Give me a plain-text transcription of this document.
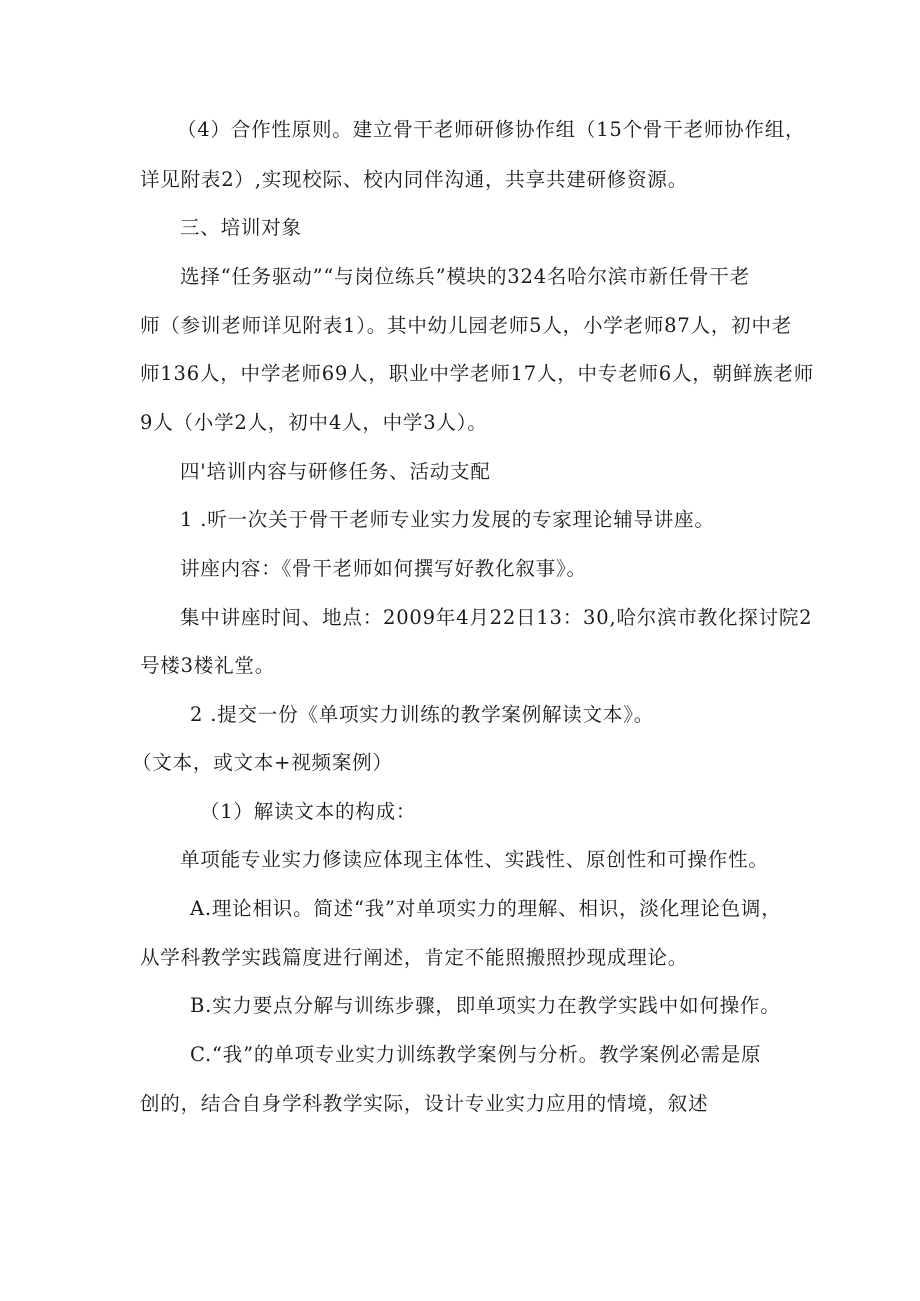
（4）合作性原则。建立骨干老师研修协作组（15个骨干老师协作组，
详见附表2）,实现校际、校内同伴沟通，共享共建研修资源。
三、培训对象
选择“任务驱动”“与岗位练兵”模块的324名哈尔滨市新任骨干老
师（参训老师详见附表1）。其中幼儿园老师5人，小学老师87人，初中老
师136人，中学老师69人，职业中学老师17人，中专老师6人，朝鲜族老师
9人（小学2人，初中4人，中学3人）。
四'培训内容与研修任务、活动支配
1 .听一次关于骨干老师专业实力发展的专家理论辅导讲座。
讲座内容：《骨干老师如何撰写好教化叙事》。
集中讲座时间、地点：2009年4月22日13：30,哈尔滨市教化探讨院2
号楼3楼礼堂。
2 .提交一份《单项实力训练的教学案例解读文本》。
（文本，或文本+视频案例）
（1）解读文本的构成：
单项能专业实力修读应体现主体性、实践性、原创性和可操作性。
A.理论相识。简述“我”对单项实力的理解、相识，淡化理论色调，
从学科教学实践篇度进行阐述，肯定不能照搬照抄现成理论。
B.实力要点分解与训练步骤，即单项实力在教学实践中如何操作。
C.“我”的单项专业实力训练教学案例与分析。教学案例必需是原
创的，结合自身学科教学实际，设计专业实力应用的情境，叙述
